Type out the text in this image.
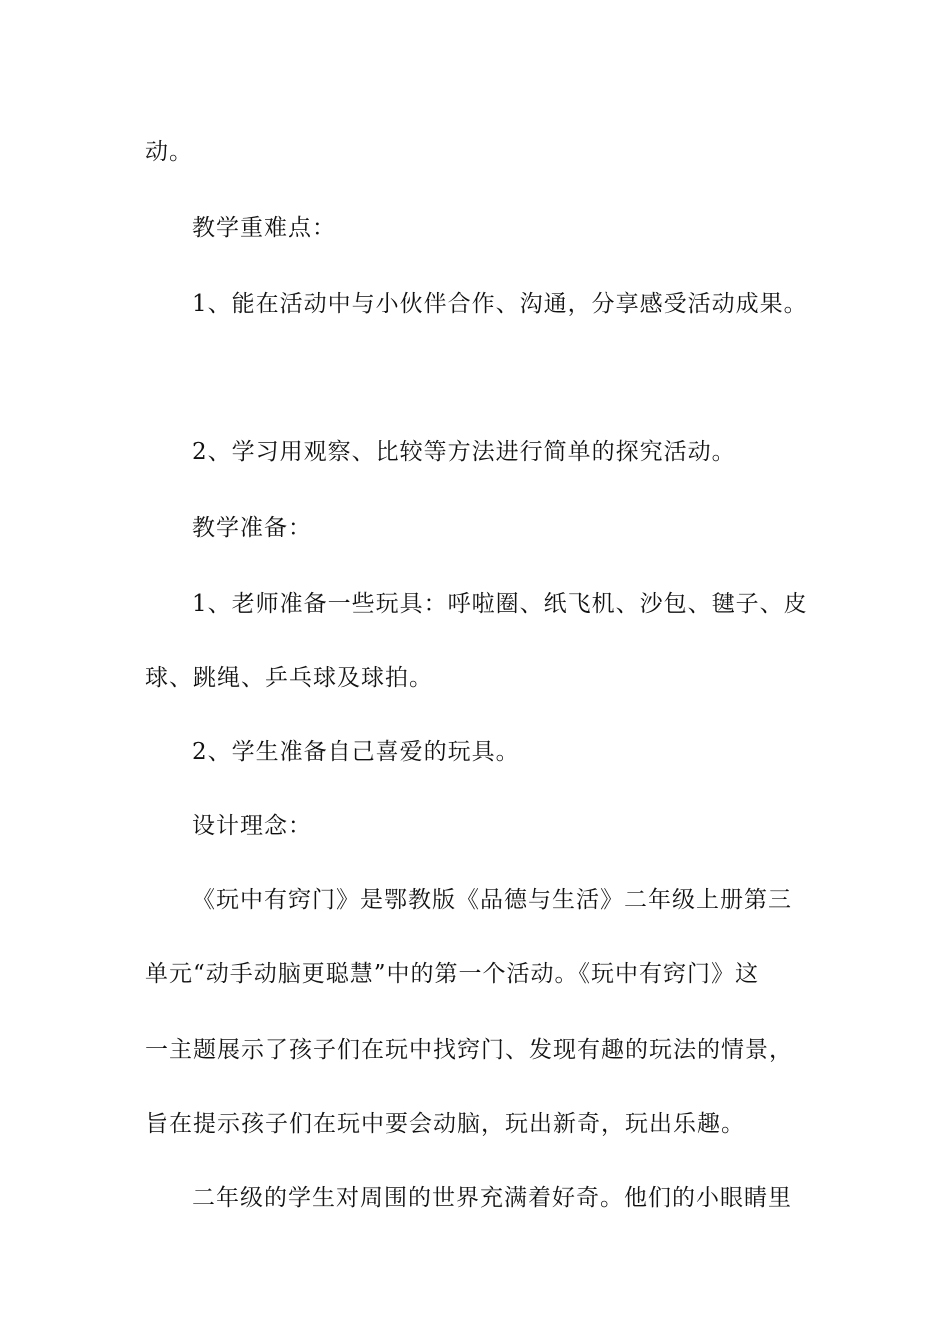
动。
教学重难点：
1、能在活动中与小伙伴合作、沟通，分享感受活动成果。
2、学习用观察、比较等方法进行简单的探究活动。
教学准备：
1、老师准备一些玩具：呼啦圈、纸飞机、沙包、毽子、皮
球、跳绳、乒乓球及球拍。
2、学生准备自己喜爱的玩具。
设计理念：
《玩中有窍门》是鄂教版《品德与生活》二年级上册第三
单元“动手动脑更聪慧”中的第一个活动。《玩中有窍门》这
一主题展示了孩子们在玩中找窍门、发现有趣的玩法的情景，
旨在提示孩子们在玩中要会动脑，玩出新奇，玩出乐趣。
二年级的学生对周围的世界充满着好奇。他们的小眼睛里
